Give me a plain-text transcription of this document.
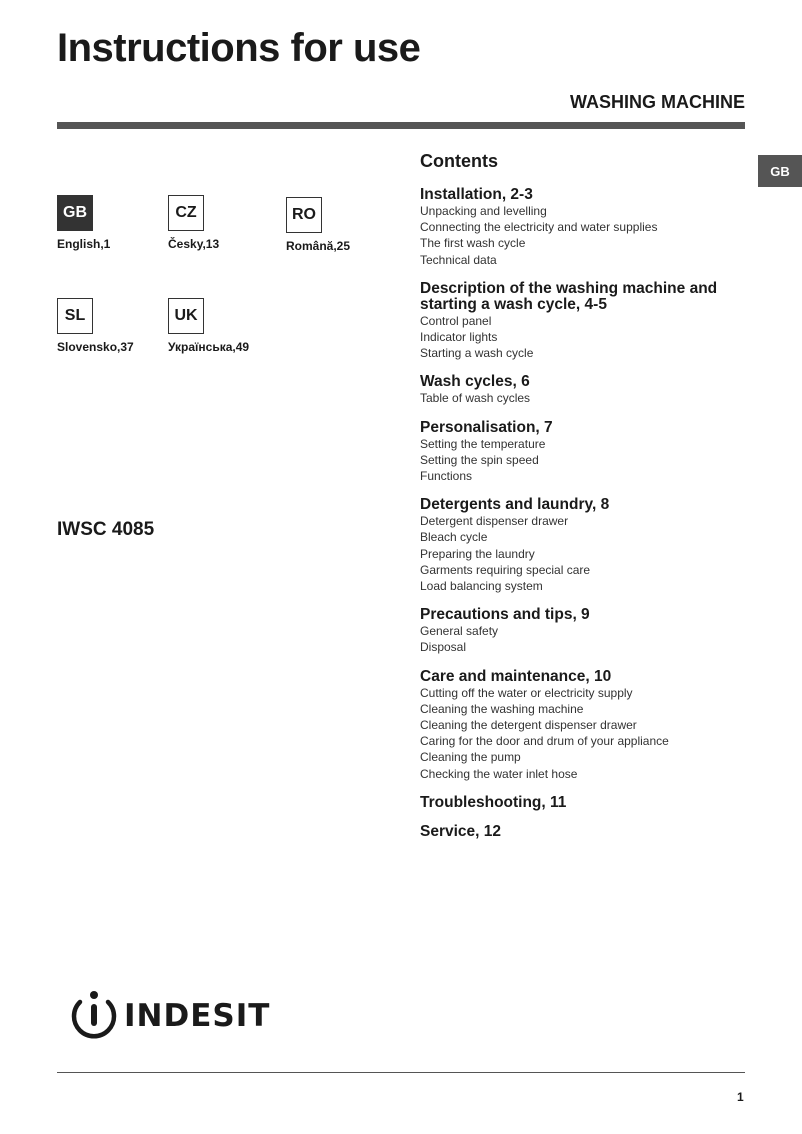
Instructions for use
WASHING MACHINE
GB
GB
English,1
CZ
Česky,13
RO
Română,25
SL
Slovensko,37
UK
Українська,49
IWSC 4085
Contents
Installation, 2-3
Unpacking and levelling
Connecting the electricity and water supplies
The first wash cycle
Technical data
Description of the washing machine and starting a wash cycle, 4-5
Control panel
Indicator lights
Starting a wash cycle
Wash cycles, 6
Table of wash cycles
Personalisation, 7
Setting the temperature
Setting the spin speed
Functions
Detergents and laundry, 8
Detergent dispenser drawer
Bleach cycle
Preparing the laundry
Garments requiring special care
Load balancing system
Precautions and tips, 9
General safety
Disposal
Care and maintenance, 10
Cutting off the water or electricity supply
Cleaning the washing machine
Cleaning the detergent dispenser drawer
Caring for the door and drum of your appliance
Cleaning the pump
Checking the water inlet hose
Troubleshooting, 11
Service, 12
INDESIT
1
